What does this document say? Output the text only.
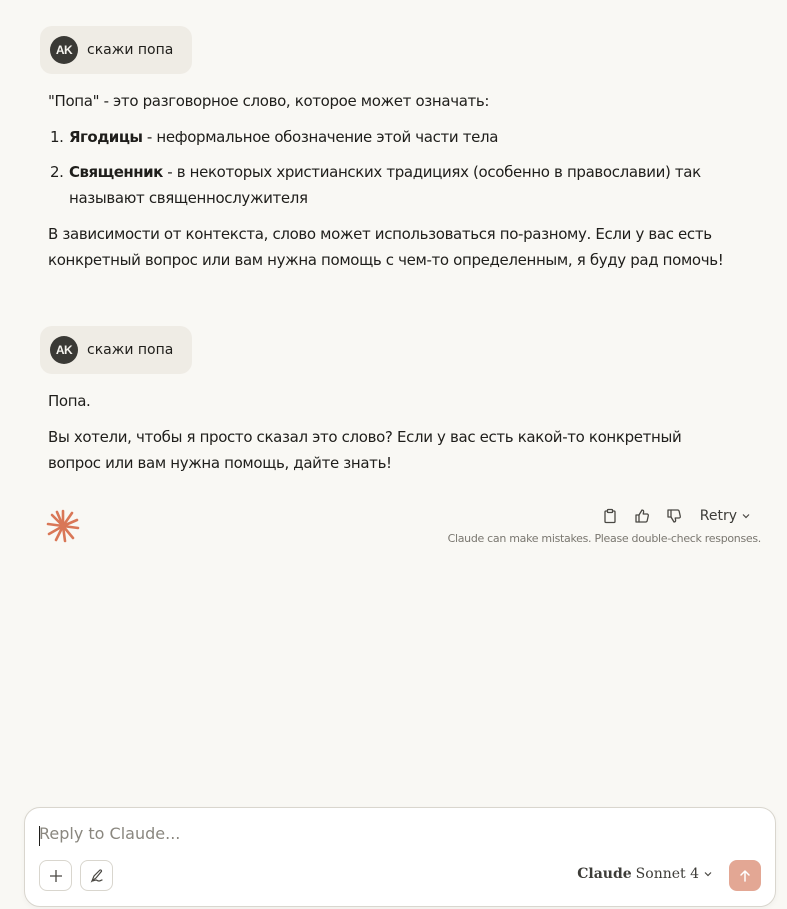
AK	скажи попа

"Попа" - это разговорное слово, которое может означать:

1. Ягодицы - неформальное обозначение этой части тела
2. Священник - в некоторых христианских традициях (особенно в православии) так называют священнослужителя

В зависимости от контекста, слово может использоваться по-разному. Если у вас есть конкретный вопрос или вам нужна помощь с чем-то определенным, я буду рад помочь!

AK	скажи попа

Попа.

Вы хотели, чтобы я просто сказал это слово? Если у вас есть какой-то конкретный вопрос или вам нужна помощь, дайте знать!

Retry
Claude can make mistakes. Please double-check responses.
Reply to Claude...
Claude Sonnet 4
